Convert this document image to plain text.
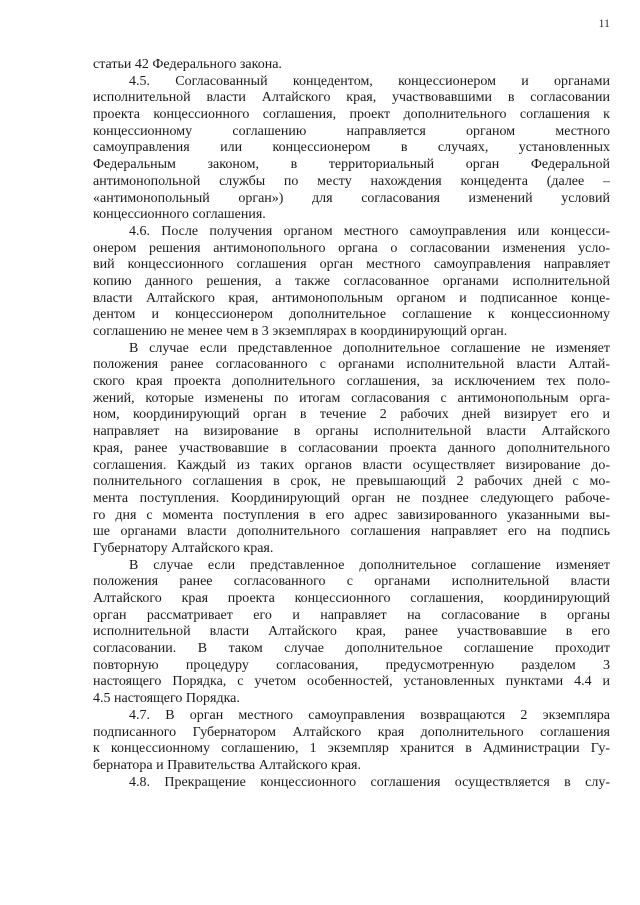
11
статьи 42 Федерального закона.
4.5. Согласованный концедентом, концессионером и органами
исполнительной власти Алтайского края, участвовавшими в согласовании
проекта концессионного соглашения, проект дополнительного соглашения к
концессионному соглашению направляется органом местного
самоуправления или концессионером в случаях, установленных
Федеральным законом, в территориальный орган Федеральной
антимонопольной службы по месту нахождения концедента (далее –
«антимонопольный орган») для согласования изменений условий
концессионного соглашения.
4.6. После получения органом местного самоуправления или концесси-
онером решения антимонопольного органа о согласовании изменения усло-
вий концессионного соглашения орган местного самоуправления направляет
копию данного решения, а также согласованное органами исполнительной
власти Алтайского края, антимонопольным органом и подписанное конце-
дентом и концессионером дополнительное соглашение к концессионному
соглашению не менее чем в 3 экземплярах в координирующий орган.
В случае если представленное дополнительное соглашение не изменяет
положения ранее согласованного с органами исполнительной власти Алтай-
ского края проекта дополнительного соглашения, за исключением тех поло-
жений, которые изменены по итогам согласования с антимонопольным орга-
ном, координирующий орган в течение 2 рабочих дней визирует его и
направляет на визирование в органы исполнительной власти Алтайского
края, ранее участвовавшие в согласовании проекта данного дополнительного
соглашения. Каждый из таких органов власти осуществляет визирование до-
полнительного соглашения в срок, не превышающий 2 рабочих дней с мо-
мента поступления. Координирующий орган не позднее следующего рабоче-
го дня с момента поступления в его адрес завизированного указанными вы-
ше органами власти дополнительного соглашения направляет его на подпись
Губернатору Алтайского края.
В случае если представленное дополнительное соглашение изменяет
положения ранее согласованного с органами исполнительной власти
Алтайского края проекта концессионного соглашения, координирующий
орган рассматривает его и направляет на согласование в органы
исполнительной власти Алтайского края, ранее участвовавшие в его
согласовании. В таком случае дополнительное соглашение проходит
повторную процедуру согласования, предусмотренную разделом 3
настоящего Порядка, с учетом особенностей, установленных пунктами 4.4 и
4.5 настоящего Порядка.
4.7. В орган местного самоуправления возвращаются 2 экземпляра
подписанного Губернатором Алтайского края дополнительного соглашения
к концессионному соглашению, 1 экземпляр хранится в Администрации Гу-
бернатора и Правительства Алтайского края.
4.8. Прекращение концессионного соглашения осуществляется в слу-
